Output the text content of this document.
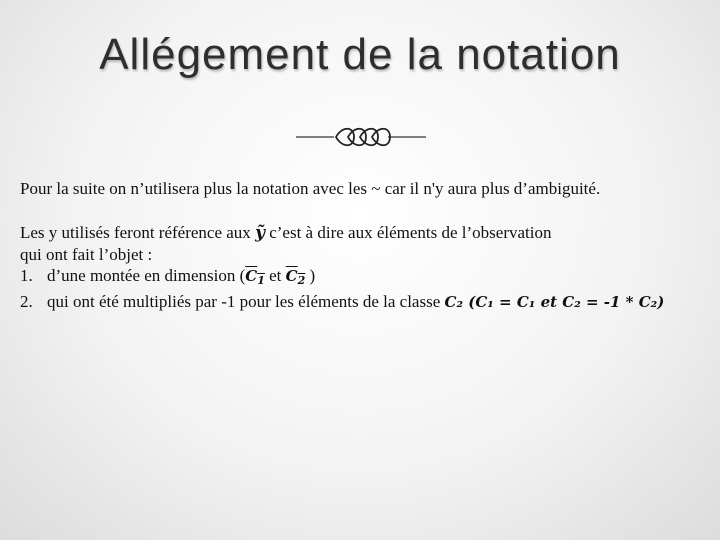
Allégement de la notation
Pour la suite on n’utilisera plus la notation avec les ~ car il n'y aura plus d’ambiguité.
Les y utilisés feront référence aux ỹ c’est à dire aux éléments de l’observation
qui ont fait l’objet :
1. d’une montée en dimension ($C_1$ et $C_2$ )
2. qui ont été multipliés par -1 pour les éléments de la classe C₂ (C₁ = C₁ et C₂ = -1 * C₂)
